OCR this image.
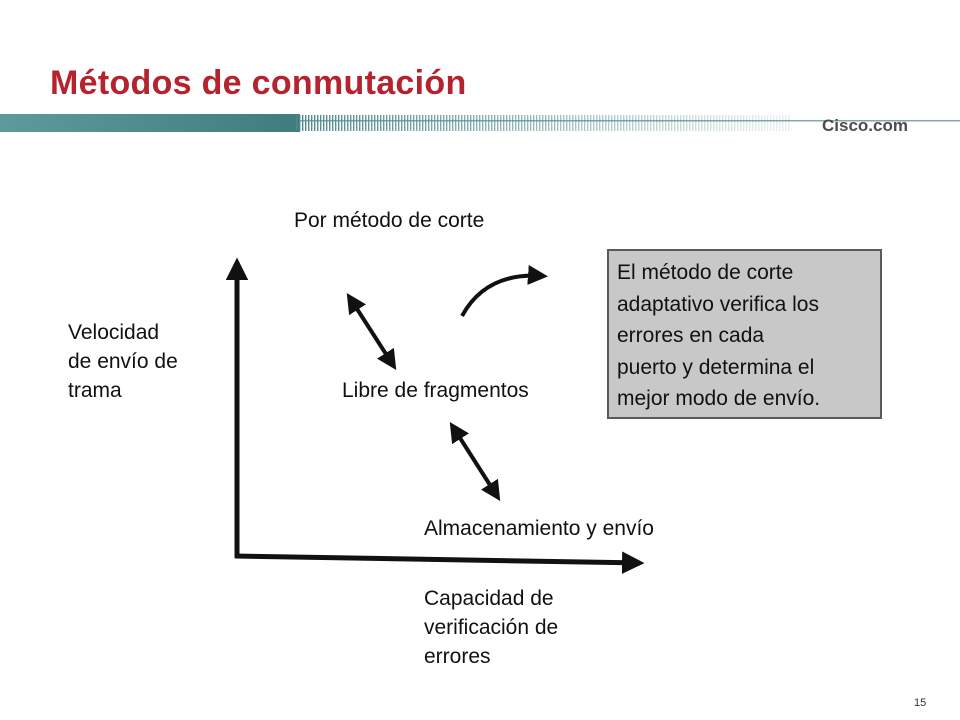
Métodos de conmutación
Cisco.com
Velocidad
de envío de
trama
Capacidad de
verificación de
errores
Por método de corte
Libre de fragmentos
Almacenamiento y envío
El método de corte
adaptativo verifica los
errores en cada
puerto y determina el
mejor modo de envío.
15
